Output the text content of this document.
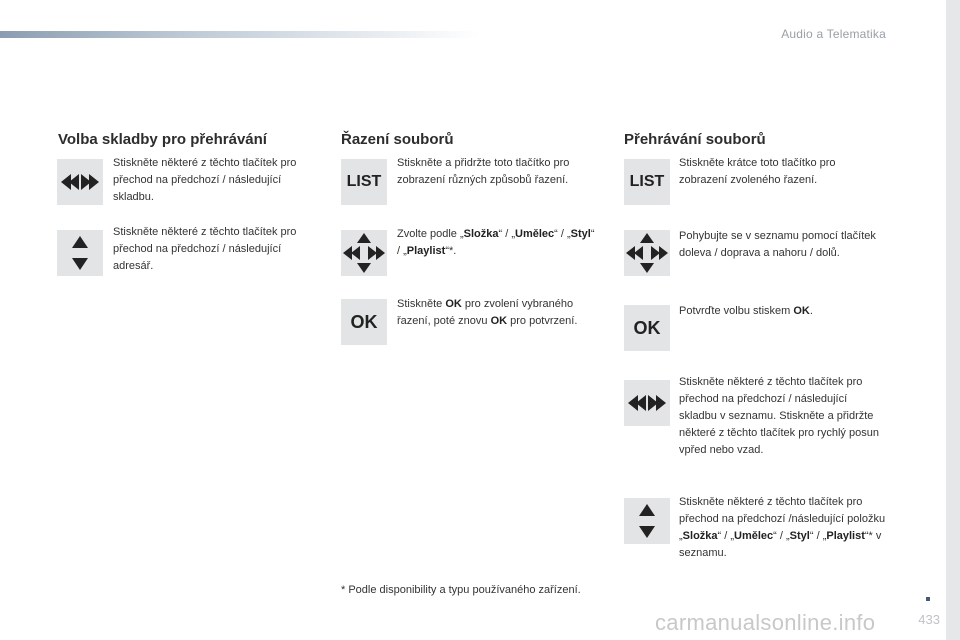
Audio a Telematika
Volba skladby pro přehrávání
Stiskněte některé z těchto tlačítek pro přechod na předchozí / následující skladbu.
Stiskněte některé z těchto tlačítek pro přechod na předchozí / následující adresář.
Řazení souborů
LIST
Stiskněte a přidržte toto tlačítko pro zobrazení různých způsobů řazení.
Zvolte podle „Složka“ / „Umělec“ / „Styl“ / „Playlist“*.
OK
Stiskněte OK pro zvolení vybraného řazení, poté znovu OK pro potvrzení.
Přehrávání souborů
LIST
Stiskněte krátce toto tlačítko pro zobrazení zvoleného řazení.
Pohybujte se v seznamu pomocí tlačítek doleva / doprava a nahoru / dolů.
OK
Potvrďte volbu stiskem OK.
Stiskněte některé z těchto tlačítek pro přechod na předchozí / následující skladbu v seznamu. Stiskněte a přidržte některé z těchto tlačítek pro rychlý posun vpřed nebo vzad.
Stiskněte některé z těchto tlačítek pro přechod na předchozí /následující položku „Složka“ / „Umělec“ / „Styl“ / „Playlist“* v seznamu.
* Podle disponibility a typu používaného zařízení.
carmanualsonline.info	433
